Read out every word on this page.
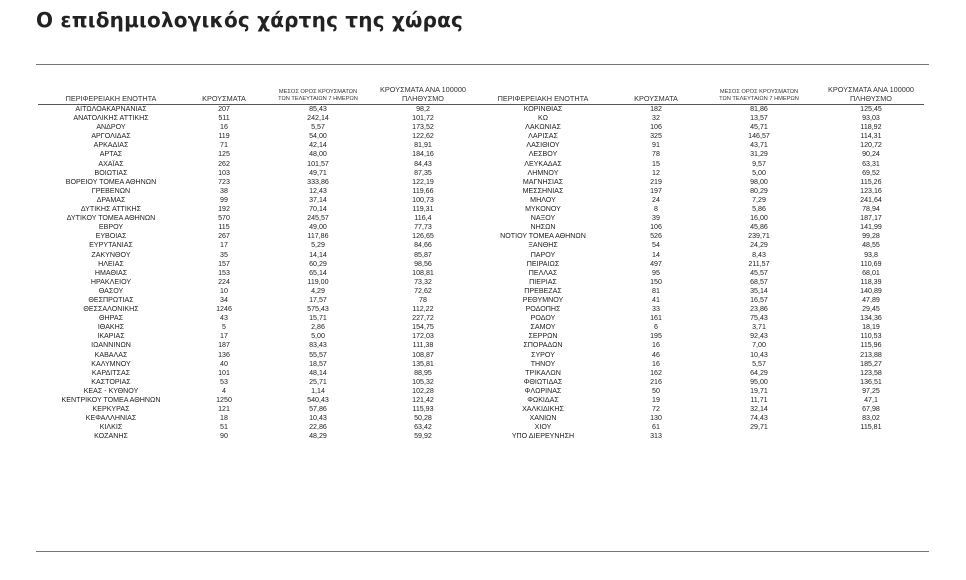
Ο επιδημιολογικός χάρτης της χώρας
ΠΕΡΙΦΕΡΕΙΑΚΗ ΕΝΟΤΗΤΑ	ΚΡΟΥΣΜΑΤΑ
ΜΕΣΟΣ ΟΡΟΣ ΚΡΟΥΣΜΑΤΩΝ
ΤΩΝ ΤΕΛΕΥΤΑΙΩΝ 7 ΗΜΕΡΩΝ
ΚΡΟΥΣΜΑΤΑ ΑΝΑ 100000
ΠΛΗΘΥΣΜΟ	ΠΕΡΙΦΕΡΕΙΑΚΗ ΕΝΟΤΗΤΑ	ΚΡΟΥΣΜΑΤΑ
ΜΕΣΟΣ ΟΡΟΣ ΚΡΟΥΣΜΑΤΩΝ
ΤΩΝ ΤΕΛΕΥΤΑΙΩΝ 7 ΗΜΕΡΩΝ
ΚΡΟΥΣΜΑΤΑ ΑΝΑ 100000
ΠΛΗΘΥΣΜΟ
ΑΙΤΩΛΟΑΚΑΡΝΑΝΙΑΣ	207	85,43	98,2	ΚΟΡΙΝΘΙΑΣ	182	81,86	125,45
ΑΝΑΤΟΛΙΚΗΣ ΑΤΤΙΚΗΣ	511	242,14	101,72	ΚΩ	32	13,57	93,03
ΑΝΔΡΟΥ	16	5,57	173,52	ΛΑΚΩΝΙΑΣ	106	45,71	118,92
ΑΡΓΟΛΙΔΑΣ	119	54,00	122,62	ΛΑΡΙΣΑΣ	325	146,57	114,31
ΑΡΚΑΔΙΑΣ	71	42,14	81,91	ΛΑΣΙΘΙΟΥ	91	43,71	120,72
ΑΡΤΑΣ	125	48,00	184,16	ΛΕΣΒΟΥ	78	31,29	90,24
ΑΧΑΪΑΣ	262	101,57	84,43	ΛΕΥΚΑΔΑΣ	15	9,57	63,31
ΒΟΙΩΤΙΑΣ	103	49,71	87,35	ΛΗΜΝΟΥ	12	5,00	69,52
ΒΟΡΕΙΟΥ ΤΟΜΕΑ ΑΘΗΝΩΝ	723	333,86	122,19	ΜΑΓΝΗΣΙΑΣ	219	98,00	115,26
ΓΡΕΒΕΝΩΝ	38	12,43	119,66	ΜΕΣΣΗΝΙΑΣ	197	80,29	123,16
ΔΡΑΜΑΣ	99	37,14	100,73	ΜΗΛΟΥ	24	7,29	241,64
ΔΥΤΙΚΗΣ ΑΤΤΙΚΗΣ	192	70,14	119,31	ΜΥΚΟΝΟΥ	8	5,86	78,94
ΔΥΤΙΚΟΥ ΤΟΜΕΑ ΑΘΗΝΩΝ	570	245,57	116,4	ΝΑΞΟΥ	39	16,00	187,17
ΕΒΡΟΥ	115	49,00	77,73	ΝΗΣΩΝ	106	45,86	141,99
ΕΥΒΟΙΑΣ	267	117,86	126,65	ΝΟΤΙΟΥ ΤΟΜΕΑ ΑΘΗΝΩΝ	526	239,71	99,28
ΕΥΡΥΤΑΝΙΑΣ	17	5,29	84,66	ΞΑΝΘΗΣ	54	24,29	48,55
ΖΑΚΥΝΘΟΥ	35	14,14	85,87	ΠΑΡΟΥ	14	8,43	93,8
ΗΛΕΙΑΣ	157	60,29	98,56	ΠΕΙΡΑΙΩΣ	497	211,57	110,69
ΗΜΑΘΙΑΣ	153	65,14	108,81	ΠΕΛΛΑΣ	95	45,57	68,01
ΗΡΑΚΛΕΙΟΥ	224	119,00	73,32	ΠΙΕΡΙΑΣ	150	68,57	118,39
ΘΑΣΟΥ	10	4,29	72,62	ΠΡΕΒΕΖΑΣ	81	35,14	140,89
ΘΕΣΠΡΩΤΙΑΣ	34	17,57	78	ΡΕΘΥΜΝΟΥ	41	16,57	47,89
ΘΕΣΣΑΛΟΝΙΚΗΣ	1246	575,43	112,22	ΡΟΔΟΠΗΣ	33	23,86	29,45
ΘΗΡΑΣ	43	15,71	227,72	ΡΟΔΟΥ	161	75,43	134,36
ΙΘΑΚΗΣ	5	2,86	154,75	ΣΑΜΟΥ	6	3,71	18,19
ΙΚΑΡΙΑΣ	17	5,00	172,03	ΣΕΡΡΩΝ	195	92,43	110,53
ΙΩΑΝΝΙΝΩΝ	187	83,43	111,38	ΣΠΟΡΑΔΩΝ	16	7,00	115,96
ΚΑΒΑΛΑΣ	136	55,57	108,87	ΣΥΡΟΥ	46	10,43	213,88
ΚΑΛΥΜΝΟΥ	40	18,57	135,81	ΤΗΝΟΥ	16	5,57	185,27
ΚΑΡΔΙΤΣΑΣ	101	48,14	88,95	ΤΡΙΚΑΛΩΝ	162	64,29	123,58
ΚΑΣΤΟΡΙΑΣ	53	25,71	105,32	ΦΘΙΩΤΙΔΑΣ	216	95,00	136,51
ΚΕΑΣ - ΚΥΘΝΟΥ	4	1,14	102,28	ΦΛΩΡΙΝΑΣ	50	19,71	97,25
ΚΕΝΤΡΙΚΟΥ ΤΟΜΕΑ ΑΘΗΝΩΝ	1250	540,43	121,42	ΦΩΚΙΔΑΣ	19	11,71	47,1
ΚΕΡΚΥΡΑΣ	121	57,86	115,93	ΧΑΛΚΙΔΙΚΗΣ	72	32,14	67,98
ΚΕΦΑΛΛΗΝΙΑΣ	18	10,43	50,28	ΧΑΝΙΩΝ	130	74,43	83,02
ΚΙΛΚΙΣ	51	22,86	63,42	ΧΙΟΥ	61	29,71	115,81
ΚΟΖΑΝΗΣ	90	48,29	59,92	ΥΠΟ ΔΙΕΡΕΥΝΗΣΗ	313
